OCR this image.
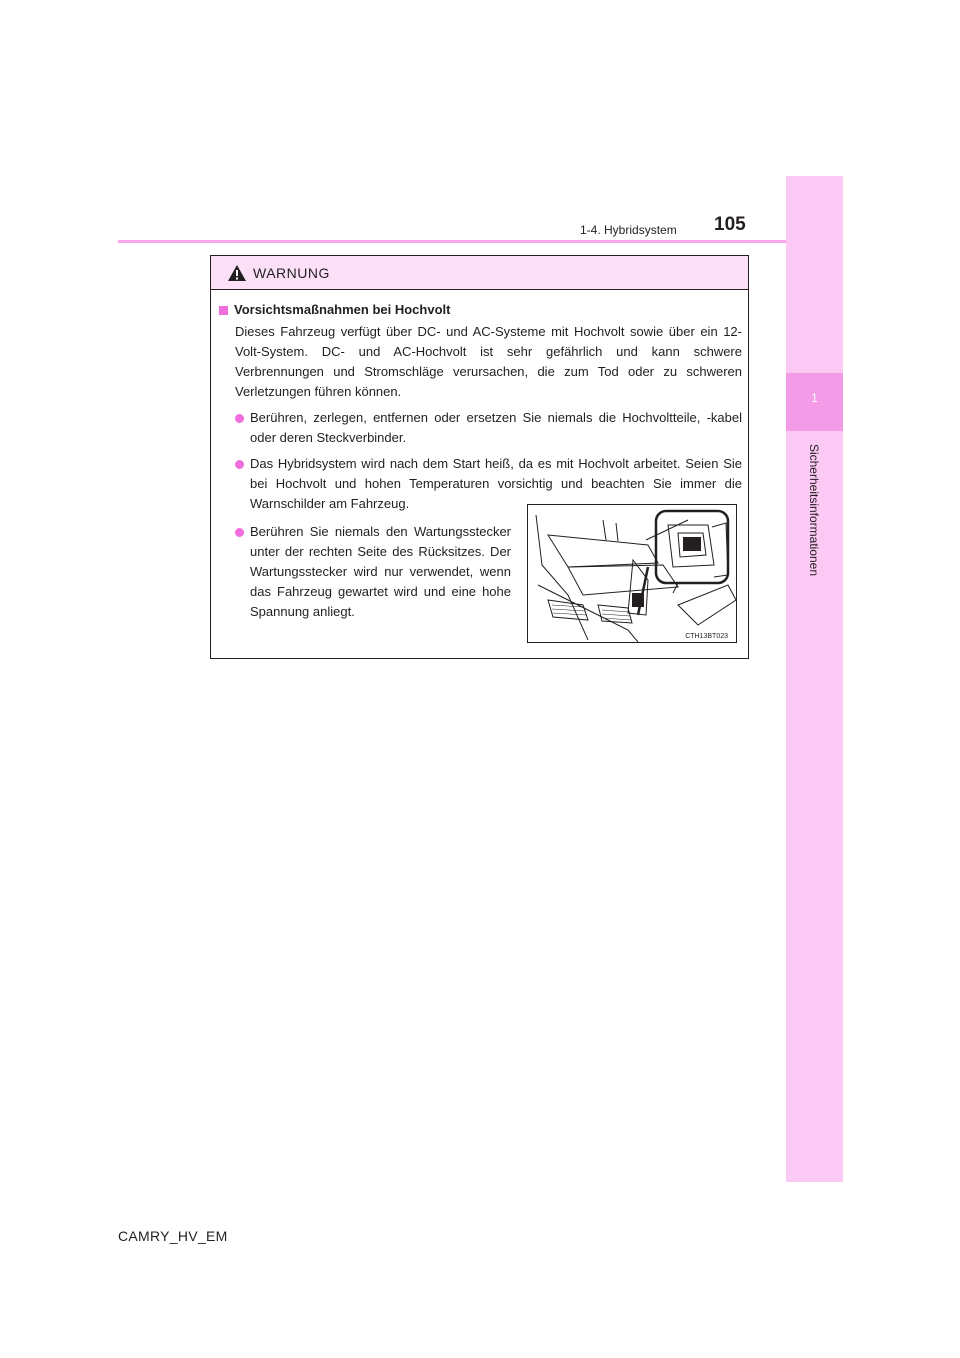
1
Sicherheitsinformationen
1-4. Hybridsystem 105
WARNUNG
Vorsichtsmaßnahmen bei Hochvolt
Dieses Fahrzeug verfügt über DC- und AC-Systeme mit Hochvolt sowie über ein 12-Volt-System. DC- und AC-Hochvolt ist sehr gefährlich und kann schwere Verbrennungen und Stromschläge verursachen, die zum Tod oder zu schweren Verletzungen führen können.
Berühren, zerlegen, entfernen oder ersetzen Sie niemals die Hochvoltteile, -kabel oder deren Steckverbinder.
Das Hybridsystem wird nach dem Start heiß, da es mit Hochvolt arbeitet. Seien Sie bei Hochvolt und hohen Temperaturen vorsichtig und beachten Sie immer die Warnschilder am Fahrzeug.
Berühren Sie niemals den Wartungsstecker unter der rechten Seite des Rücksitzes. Der Wartungsstecker wird nur verwendet, wenn das Fahrzeug gewartet wird und eine hohe Spannung anliegt.
CTH13BT023
CAMRY_HV_EM
